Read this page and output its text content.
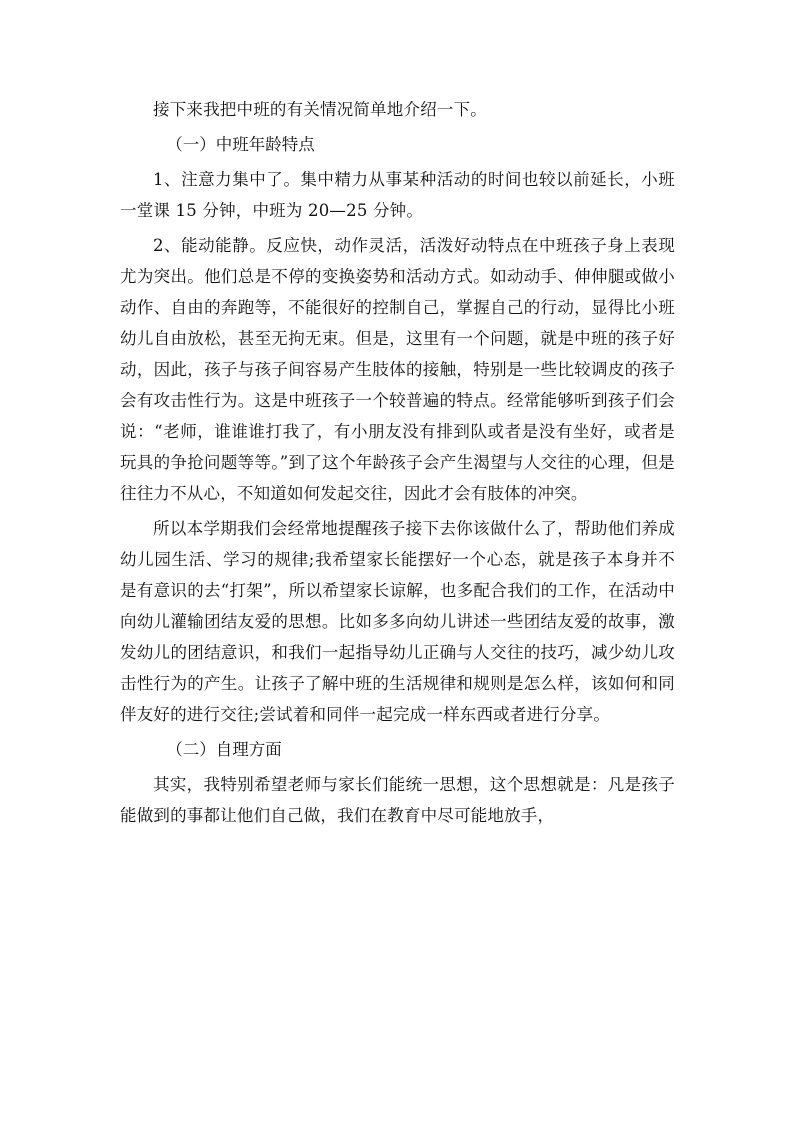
接下来我把中班的有关情况简单地介绍一下。

（一）中班年龄特点

1、注意力集中了。集中精力从事某种活动的时间也较以前延长，小班一堂课 15 分钟，中班为 20—25 分钟。

2、能动能静。反应快，动作灵活，活泼好动特点在中班孩子身上表现尤为突出。他们总是不停的变换姿势和活动方式。如动动手、伸伸腿或做小动作、自由的奔跑等，不能很好的控制自己，掌握自己的行动，显得比小班幼儿自由放松，甚至无拘无束。但是，这里有一个问题，就是中班的孩子好动，因此，孩子与孩子间容易产生肢体的接触，特别是一些比较调皮的孩子会有攻击性行为。这是中班孩子一个较普遍的特点。经常能够听到孩子们会说：“老师，谁谁谁打我了，有小朋友没有排到队或者是没有坐好，或者是玩具的争抢问题等等。”到了这个年龄孩子会产生渴望与人交往的心理，但是往往力不从心，不知道如何发起交往，因此才会有肢体的冲突。

所以本学期我们会经常地提醒孩子接下去你该做什么了，帮助他们养成幼儿园生活、学习的规律;我希望家长能摆好一个心态，就是孩子本身并不是有意识的去“打架”，所以希望家长谅解，也多配合我们的工作，在活动中向幼儿灌输团结友爱的思想。比如多多向幼儿讲述一些团结友爱的故事，激发幼儿的团结意识，和我们一起指导幼儿正确与人交往的技巧，减少幼儿攻击性行为的产生。让孩子了解中班的生活规律和规则是怎么样，该如何和同伴友好的进行交往;尝试着和同伴一起完成一样东西或者进行分享。

（二）自理方面

其实，我特别希望老师与家长们能统一思想，这个思想就是：凡是孩子能做到的事都让他们自己做，我们在教育中尽可能地放手，
